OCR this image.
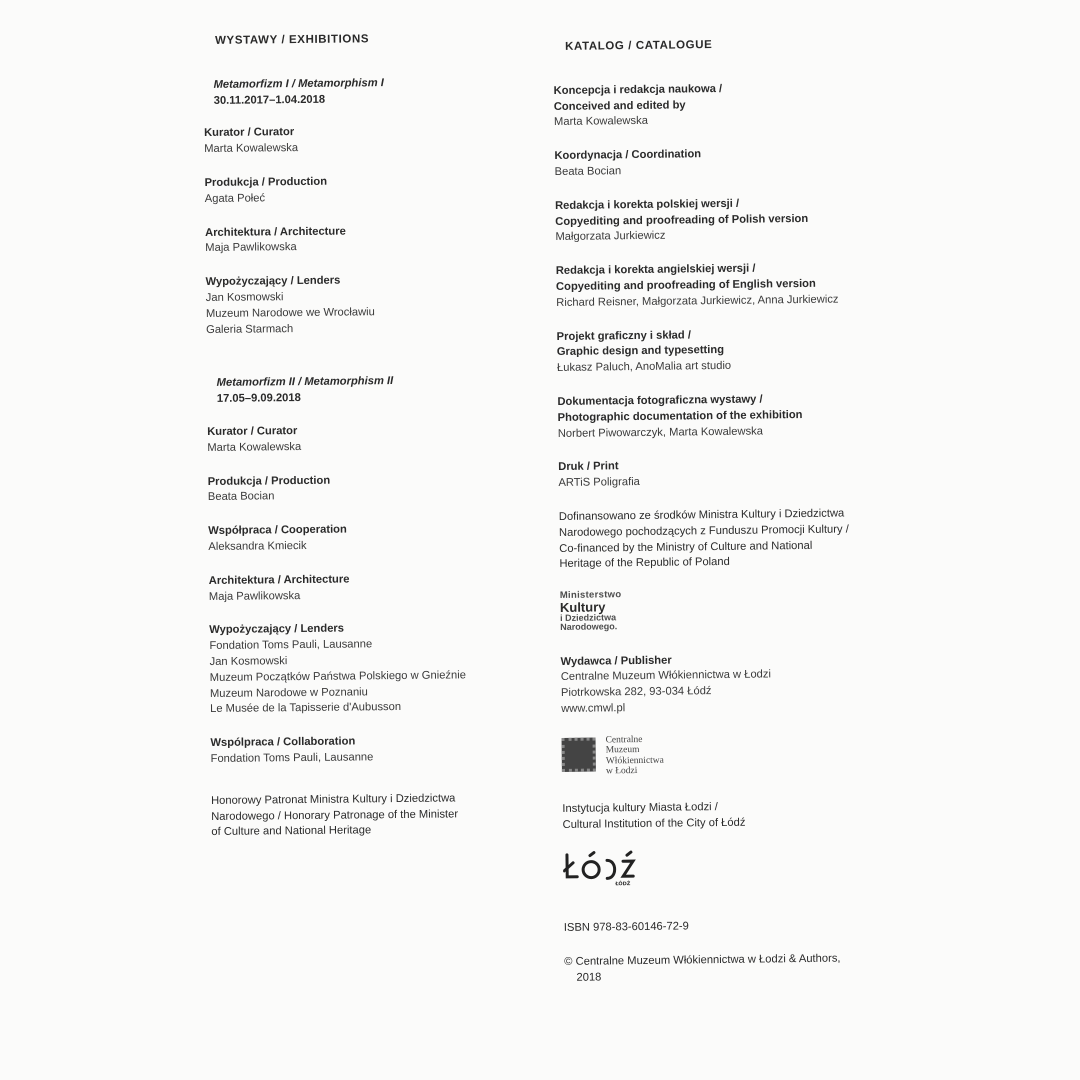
WYSTAWY / EXHIBITIONS
Metamorfizm I / Metamorphism I
30.11.2017–1.04.2018
Kurator / Curator
Marta Kowalewska
Produkcja / Production
Agata Połeć
Architektura / Architecture
Maja Pawlikowska
Wypożyczający / Lenders
Jan Kosmowski
Muzeum Narodowe we Wrocławiu
Galeria Starmach
Metamorfizm II / Metamorphism II
17.05–9.09.2018
Kurator / Curator
Marta Kowalewska
Produkcja / Production
Beata Bocian
Współpraca / Cooperation
Aleksandra Kmiecik
Architektura / Architecture
Maja Pawlikowska
Wypożyczający / Lenders
Fondation Toms Pauli, Lausanne
Jan Kosmowski
Muzeum Początków Państwa Polskiego w Gnieźnie
Muzeum Narodowe w Poznaniu
Le Musée de la Tapisserie d'Aubusson
Wspólpraca / Collaboration
Fondation Toms Pauli, Lausanne
Honorowy Patronat Ministra Kultury i Dziedzictwa
Narodowego / Honorary Patronage of the Minister
of Culture and National Heritage
KATALOG / CATALOGUE
Koncepcja i redakcja naukowa /
Conceived and edited by
Marta Kowalewska
Koordynacja / Coordination
Beata Bocian
Redakcja i korekta polskiej wersji /
Copyediting and proofreading of Polish version
Małgorzata Jurkiewicz
Redakcja i korekta angielskiej wersji /
Copyediting and proofreading of English version
Richard Reisner, Małgorzata Jurkiewicz, Anna Jurkiewicz
Projekt graficzny i skład /
Graphic design and typesetting
Łukasz Paluch, AnoMalia art studio
Dokumentacja fotograficzna wystawy /
Photographic documentation of the exhibition
Norbert Piwowarczyk, Marta Kowalewska
Druk / Print
ARTiS Poligrafia
Dofinansowano ze środków Ministra Kultury i Dziedzictwa
Narodowego pochodzących z Funduszu Promocji Kultury /
Co-financed by the Ministry of Culture and National
Heritage of the Republic of Poland
Ministerstwo
Kultury
i Dziedzictwa
Narodowego.
Wydawca / Publisher
Centralne Muzeum Włókiennictwa w Łodzi
Piotrkowska 282, 93-034 Łódź
www.cmwl.pl
Centralne
Muzeum
Włókiennictwa
w Łodzi
Instytucja kultury Miasta Łodzi /
Cultural Institution of the City of Łódź
ŁÓDŹ
ISBN 978-83-60146-72-9
© Centralne Muzeum Włókiennictwa w Łodzi & Authors,
2018
